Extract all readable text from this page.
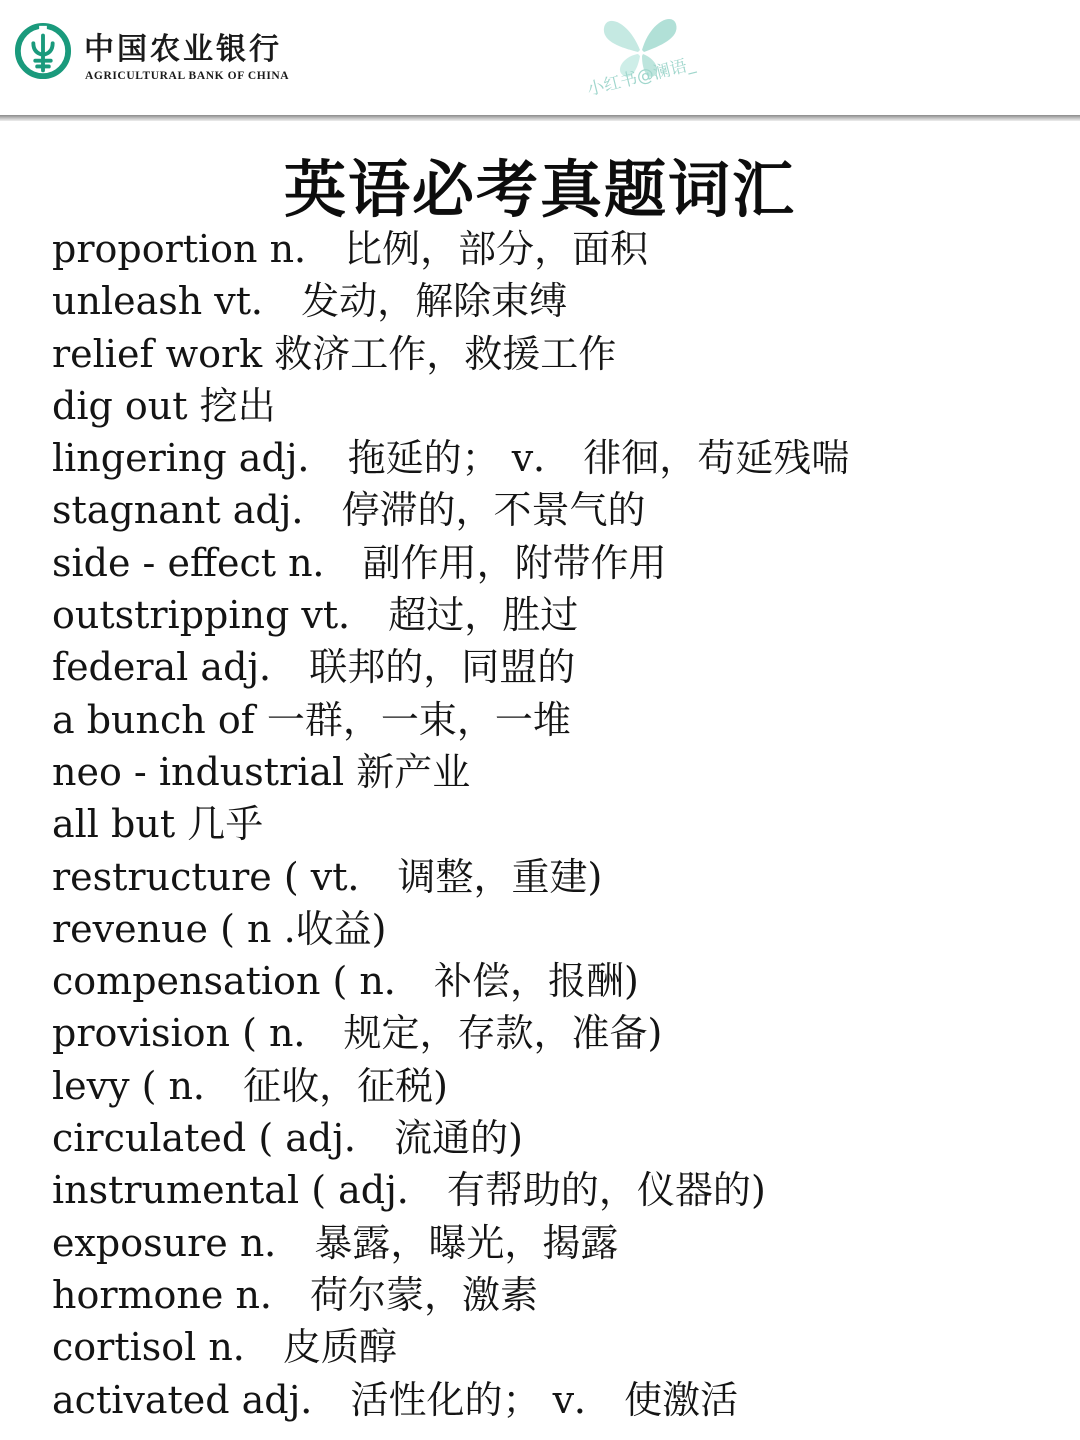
中国农业银行
AGRICULTURAL BANK OF CHINA	小红书@澜语_
英语必考真题词汇
proportion n． 比例，部分，面积
unleash vt． 发动，解除束缚
relief work 救济工作，救援工作
dig out 挖出
lingering adj． 拖延的； v． 徘徊，苟延残喘
stagnant adj． 停滞的，不景气的
side - effect n． 副作用，附带作用
outstripping vt． 超过，胜过
federal adj． 联邦的，同盟的
a bunch of 一群，一束，一堆
neo - industrial 新产业
all but 几乎
restructure ( vt． 调整，重建)
revenue ( n .收益)
compensation ( n． 补偿，报酬)
provision ( n． 规定，存款，准备)
levy ( n． 征收，征税)
circulated ( adj． 流通的)
instrumental ( adj． 有帮助的，仪器的)
exposure n． 暴露，曝光，揭露
hormone n． 荷尔蒙，激素
cortisol n． 皮质醇
activated adj． 活性化的； v． 使激活
